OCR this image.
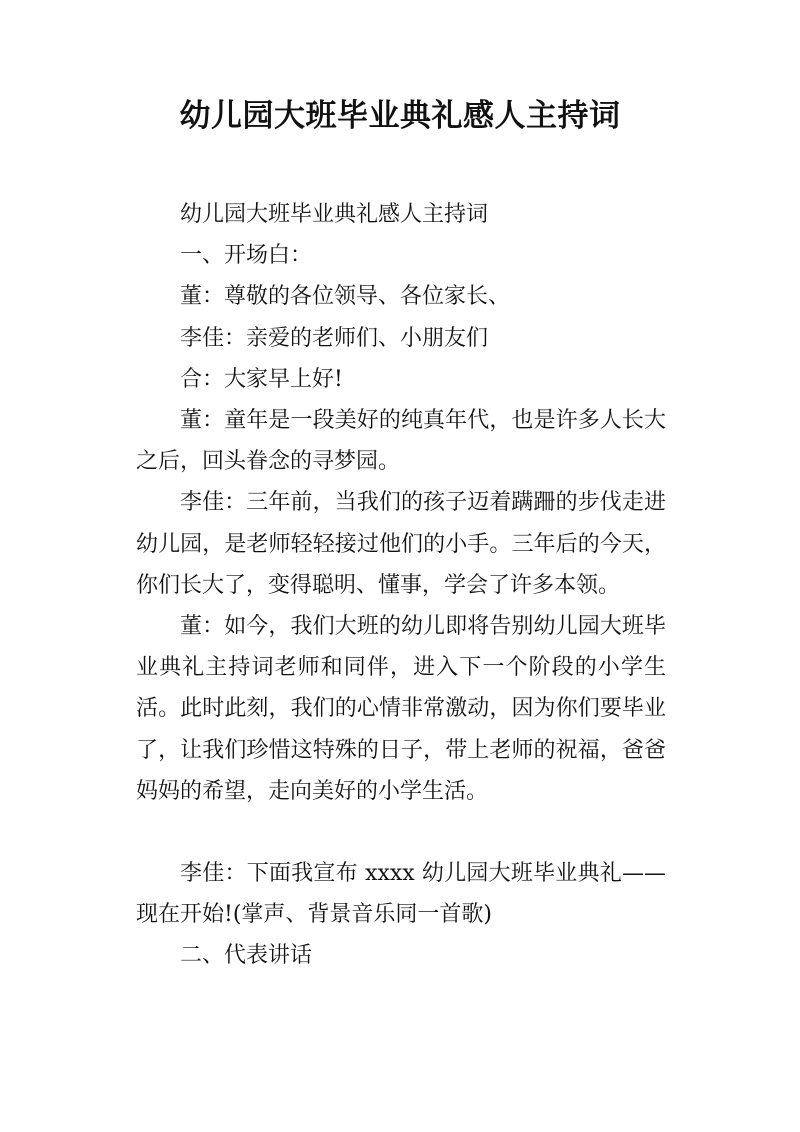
幼儿园大班毕业典礼感人主持词

幼儿园大班毕业典礼感人主持词

一、开场白：

董：尊敬的各位领导、各位家长、

李佳：亲爱的老师们、小朋友们

合：大家早上好!

董：童年是一段美好的纯真年代，也是许多人长大之后，回头眷念的寻梦园。

李佳：三年前，当我们的孩子迈着蹒跚的步伐走进幼儿园，是老师轻轻接过他们的小手。三年后的今天，你们长大了，变得聪明、懂事，学会了许多本领。

董：如今，我们大班的幼儿即将告别幼儿园大班毕业典礼主持词老师和同伴，进入下一个阶段的小学生活。此时此刻，我们的心情非常激动，因为你们要毕业了，让我们珍惜这特殊的日子，带上老师的祝福，爸爸妈妈的希望，走向美好的小学生活。

李佳：下面我宣布 xxxx 幼儿园大班毕业典礼——现在开始!(掌声、背景音乐同一首歌)

二、代表讲话
